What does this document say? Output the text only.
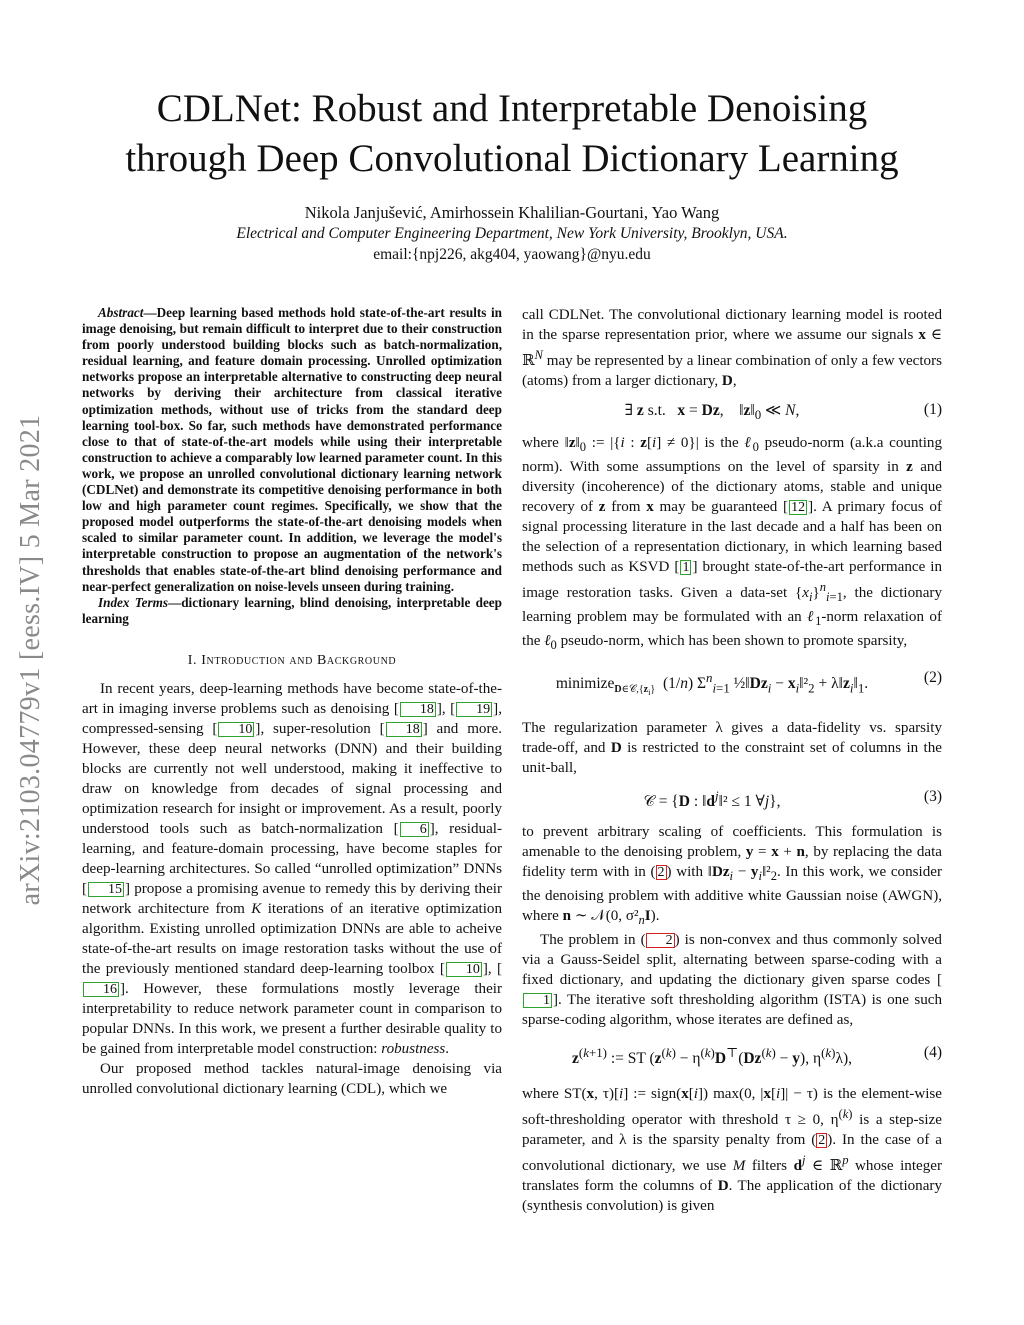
arXiv:2103.04779v1 [eess.IV] 5 Mar 2021
CDLNet: Robust and Interpretable Denoising
through Deep Convolutional Dictionary Learning
Nikola Janjušević, Amirhossein Khalilian-Gourtani, Yao Wang
Electrical and Computer Engineering Department, New York University, Brooklyn, USA.
email:{npj226, akg404, yaowang}@nyu.edu

Abstract—Deep learning based methods hold state-of-the-art results in image denoising, but remain difficult to interpret due to their construction from poorly understood building blocks such as batch-normalization, residual learning, and feature domain processing. Unrolled optimization networks propose an interpretable alternative to constructing deep neural networks by deriving their architecture from classical iterative optimization methods, without use of tricks from the standard deep learning tool-box. So far, such methods have demonstrated performance close to that of state-of-the-art models while using their interpretable construction to achieve a comparably low learned parameter count. In this work, we propose an unrolled convolutional dictionary learning network (CDLNet) and demonstrate its competitive denoising performance in both low and high parameter count regimes. Specifically, we show that the proposed model outperforms the state-of-the-art denoising models when scaled to similar parameter count. In addition, we leverage the model's interpretable construction to propose an augmentation of the network's thresholds that enables state-of-the-art blind denoising performance and near-perfect generalization on noise-levels unseen during training.

Index Terms—dictionary learning, blind denoising, interpretable deep learning

I. Introduction and Background

In recent years, deep-learning methods have become state-of-the-art in imaging inverse problems such as denoising [ 18 ], [ 19 ], compressed-sensing [ 10 ], super-resolution [ 18 ] and more. However, these deep neural networks (DNN) and their building blocks are currently not well understood, making it ineffective to draw on knowledge from decades of signal processing and optimization research for insight or improvement. As a result, poorly understood tools such as batch-normalization [ 6 ], residual-learning, and feature-domain processing, have become staples for deep-learning architectures. So called “unrolled optimization” DNNs [ 15 ] propose a promising avenue to remedy this by deriving their network architecture from K iterations of an iterative optimization algorithm. Existing unrolled optimization DNNs are able to acheive state-of-the-art results on image restoration tasks without the use of the previously mentioned standard deep-learning toolbox [ 10 ], [16 ]. However, these formulations mostly leverage their interpretability to reduce network parameter count in comparison to popular DNNs. In this work, we present a further desirable quality to be gained from interpretable model construction: robustness.

Our proposed method tackles natural-image denoising via unrolled convolutional dictionary learning (CDL), which we

call CDLNet. The convolutional dictionary learning model is rooted in the sparse representation prior, where we assume our signals x ∈ ℝ$^N$ may be represented by a linear combination of only a few vectors (atoms) from a larger dictionary, D,

∃ z s.t.   x = Dz,    $‖z‖_0$ ≪ N,	(1)

where $‖z‖_0$ := |{i : z[i] ≠ 0}| is the ℓ$_0$ pseudo-norm (a.k.a counting norm). With some assumptions on the level of sparsity in z and diversity (incoherence) of the dictionary atoms, stable and unique recovery of z from x may be guaranteed [ 12 ]. A primary focus of signal processing literature in the last decade and a half has been on the selection of a representation dictionary, in which learning based methods such as KSVD [ 1 ] brought state-of-the-art performance in image restoration tasks. Given a data-set $\{x_i\}^n_{i=1}$, the dictionary learning problem may be formulated with an ℓ$_1$-norm relaxation of the ℓ$_0$ pseudo-norm, which has been shown to promote sparsity,

minimize$_{D\in 𝒞,\{z_i\}}$  (1/n) $\Sigma^n_{i=1}$ $\frac{1}{2}‖Dz_i$ − $x_i‖^2_2$ + $\lambda‖z_i‖_1$.	(2)

The regularization parameter λ gives a data-fidelity vs. sparsity trade-off, and D is restricted to the constraint set of columns in the unit-ball,

𝒞 = {D : $‖d^j‖^2 \le 1$ ∀j},	(3)

to prevent arbitrary scaling of coefficients. This formulation is amenable to the denoising problem, y = x + n, by replacing the data fidelity term with in ( 2 ) with $‖Dz_i$ − $y_i‖^2_2$. In this work, we consider the denoising problem with additive white Gaussian noise (AWGN), where n ∼ 𝒩(0, $\sigma^2_nI$).

The problem in ( 2 ) is non-convex and thus commonly solved via a Gauss-Seidel split, alternating between sparse-coding with a fixed dictionary, and updating the dictionary given sparse codes [1 ]. The iterative soft thresholding algorithm (ISTA) is one such sparse-coding algorithm, whose iterates are defined as,

$z^{(k+1)}$ := ST ($z^{(k)} - \eta^{(k)}D^⊤(Dz^{(k)} - y)$, $\eta^{(k)}\lambda$),	(4)

where ST(x, τ)[i] := sign(x[i]) max(0, |x[i]| − τ) is the element-wise soft-thresholding operator with threshold τ ≥ 0, $\eta^{(k)}$ is a step-size parameter, and λ is the sparsity penalty from ( 2 ). In the case of a convolutional dictionary, we use M filters $d^j$ ∈ ℝ$^p$ whose integer translates form the columns of D. The application of the dictionary (synthesis convolution) is given
